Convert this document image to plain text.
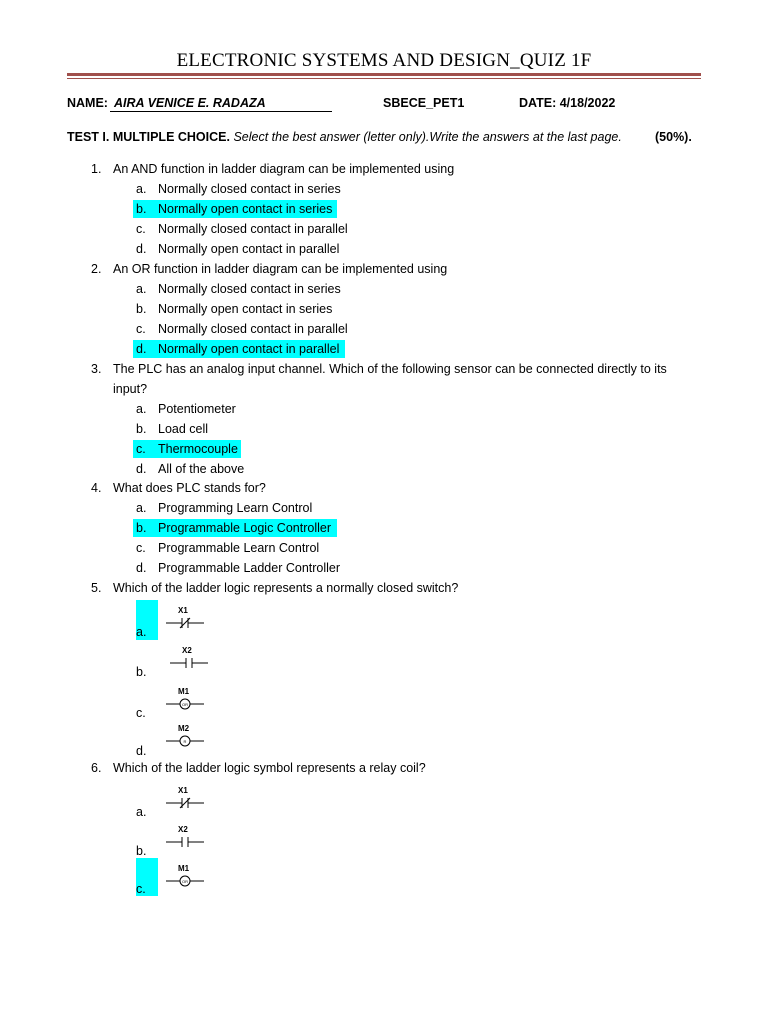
ELECTRONIC SYSTEMS AND DESIGN_QUIZ 1F
NAME: AIRA VENICE E. RADAZA	SBECE_PET1	DATE: 4/18/2022
TEST I. MULTIPLE CHOICE. Select the best answer (letter only).Write the answers at the last page.	(50%).
1. An AND function in ladder diagram can be implemented using
a. Normally closed contact in series
b. Normally open contact in series
c. Normally closed contact in parallel
d. Normally open contact in parallel
2. An OR function in ladder diagram can be implemented using
a. Normally closed contact in series
b. Normally open contact in series
c. Normally closed contact in parallel
d. Normally open contact in parallel
3. The PLC has an analog input channel. Which of the following sensor can be connected directly to its
input?
a. Potentiometer
b. Load cell
c. Thermocouple
d. All of the above
4. What does PLC stands for?
a. Programming Learn Control
b. Programmable Logic Controller
c. Programmable Learn Control
d. Programmable Ladder Controller
5. Which of the ladder logic represents a normally closed switch?
a.
X1
b.
X2
c.
M1
OR
d.
M2
R
6. Which of the ladder logic symbol represents a relay coil?
a.
X1
b.
X2
c.
M1
OR
